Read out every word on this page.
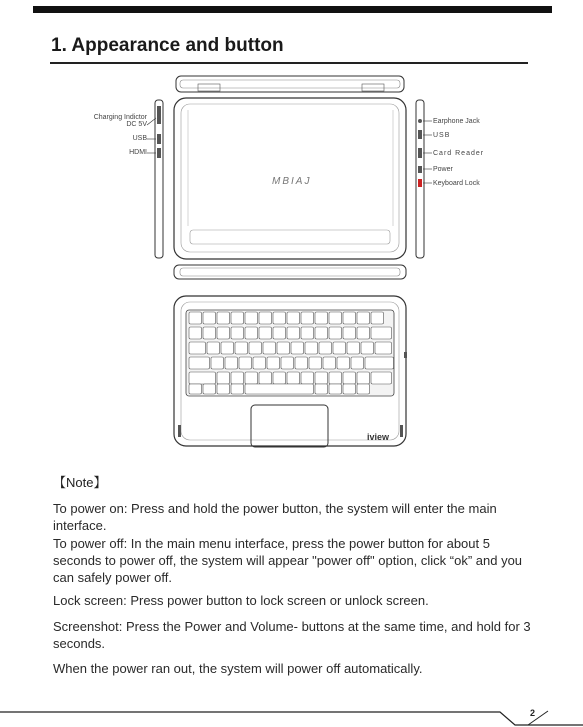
1. Appearance and button
MBIAJ
Charging Indictor
DC 5V
USB
HDMI
Earphone Jack
USB
Card Reader
Power
Keyboard Lock
iview
【Note】

To power on: Press and hold the power button, the system will enter the main interface.

To power off: In the main menu interface, press the power button for about 5 seconds to power off, the system will appear "power off" option, click “ok” and you can safely power off.

Lock screen: Press power button to lock screen or unlock screen.

Screenshot: Press the Power and Volume- buttons at the same time, and hold for 3 seconds.

When the power ran out, the system will power off automatically.

2
